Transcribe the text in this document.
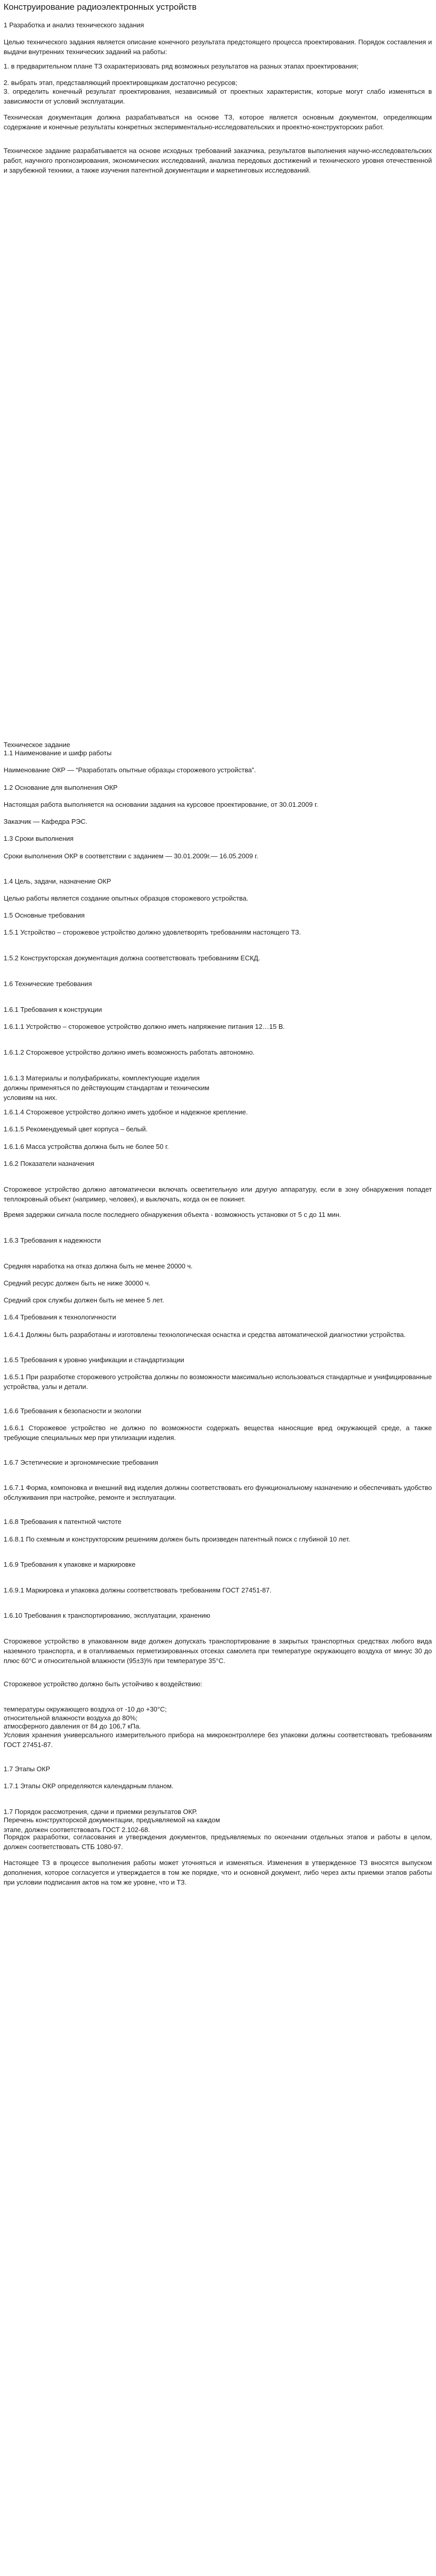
Конструирование радиоэлектронных устройств

1 Разработка и анализ технического задания

Целью технического задания является описание конечного результата предстоящего процесса проектирования. Порядок составления и выдачи внутренних технических заданий на работы:

1. в предварительном плане ТЗ охарактеризовать ряд возможных результатов на разных этапах проектирования;

2. выбрать этап, представляющий проектировщикам достаточно ресурсов;

3. определить конечный результат проектирования, независимый от проектных характеристик, которые могут слабо изменяться в зависимости от условий эксплуатации.

Техническая документация должна разрабатываться на основе ТЗ, которое является основным документом, определяющим содержание и конечные результаты конкретных экспериментально-исследовательских и проектно-конструкторских работ.

Техническое задание разрабатывается на основе исходных требований заказчика, результатов выполнения научно-исследовательских работ, научного прогнозирования, экономических исследований, анализа передовых достижений и технического уровня отечественной и зарубежной техники, а также изучения патентной документации и маркетинговых исследований.

Техническое задание

1.1 Наименование и шифр работы

Наименование ОКР — “Разработать опытные образцы сторожевого устройства”.

1.2 Основание для выполнения ОКР

Настоящая работа выполняется на основании задания на курсовое проектирование, от 30.01.2009 г.

Заказчик — Кафедра РЭС.

1.3 Сроки выполнения

Сроки выполнения ОКР в соответствии с заданием — 30.01.2009г.— 16.05.2009 г.

1.4 Цель, задачи, назначение ОКР

Целью работы является создание опытных образцов сторожевого устройства.

1.5 Основные требования

1.5.1 Устройство – сторожевое устройство должно удовлетворять требованиям настоящего ТЗ.

1.5.2 Конструкторская документация должна соответствовать требованиям ЕСКД.

1.6 Технические требования

1.6.1 Требования к конструкции

1.6.1.1 Устройство – сторожевое устройство должно иметь напряжение питания 12…15 В.

1.6.1.2 Сторожевое устройство должно иметь возможность работать автономно.

1.6.1.3 Материалы и полуфабрикаты, комплектующие изделия
должны применяться по действующим стандартам и техническим
условиям на них.

1.6.1.4 Сторожевое устройство должно иметь удобное и надежное крепление.

1.6.1.5 Рекомендуемый цвет корпуса – белый.

1.6.1.6 Масса устройства должна быть не более 50 г.

1.6.2 Показатели назначения

Сторожевое устройство должно автоматически включать осветительную или другую аппаратуру, если в зону обнаружения попадет теплокровный объект (например, человек), и выключать, когда он ее покинет.

Время задержки сигнала после последнего обнаружения объекта - возможность установки от 5 с до 11 мин.

1.6.3 Требования к надежности

Средняя наработка на отказ должна быть не менее 20000 ч.

Средний ресурс должен быть не ниже 30000 ч.

Средний срок службы должен быть не менее 5 лет.

1.6.4 Требования к технологичности

1.6.4.1 Должны быть разработаны и изготовлены технологическая оснастка и средства автоматической диагностики устройства.

1.6.5 Требования к уровню унификации и стандартизации

1.6.5.1 При разработке сторожевого устройства должны по возможности максимально использоваться стандартные и унифицированные устройства, узлы и детали.

1.6.6 Требования к безопасности и экологии

1.6.6.1 Сторожевое устройство не должно по возможности содержать вещества наносящие вред окружающей среде, а также требующие специальных мер при утилизации изделия.

1.6.7 Эстетические и эргономические требования

1.6.7.1 Форма, компоновка и внешний вид изделия должны соответствовать его функциональному назначению и обеспечивать удобство обслуживания при настройке, ремонте и эксплуатации.

1.6.8 Требования к патентной чистоте

1.6.8.1 По схемным и конструкторским решениям должен быть произведен патентный поиск с глубиной 10 лет.

1.6.9 Требования к упаковке и маркировке

1.6.9.1 Маркировка и упаковка должны соответствовать требованиям ГОСТ 27451-87.

1.6.10 Требования к транспортированию, эксплуатации, хранению

Сторожевое устройство в упакованном виде должен допускать транспортирование в закрытых транспортных средствах любого вида наземного транспорта, и в отапливаемых герметизированных отсеках самолета при температуре окружающего воздуха от минус 30 до плюс 60°С и относительной влажности (95±3)% при температуре 35°С.

Сторожевое устройство должно быть устойчиво к воздействию:

температуры окружающего воздуха от -10 до +30°С;

относительной влажности воздуха до 80%;

атмосферного давления от 84 до 106,7 кПа.

Условия хранения универсального измерительного прибора на микроконтроллере без упаковки должны соответствовать требованиям ГОСТ 27451-87.

1.7 Этапы ОКР

1.7.1 Этапы ОКР определяются календарным планом.

1.7 Порядок рассмотрения, сдачи и приемки результатов ОКР.

Перечень конструкторской документации, предъявляемой на каждом
этапе, должен соответствовать ГОСТ 2.102-68.

Порядок разработки, согласования и утверждения документов, предъявляемых по окончании отдельных этапов и работы в целом, должен соответствовать СТБ 1080-97.

Настоящее ТЗ в процессе выполнения работы может уточняться и изменяться. Изменения в утвержденное ТЗ вносятся выпуском дополнения, которое согласуется и утверждается в том же порядке, что и основной документ, либо через акты приемки этапов работы при условии подписания актов на том же уровне, что и ТЗ.
